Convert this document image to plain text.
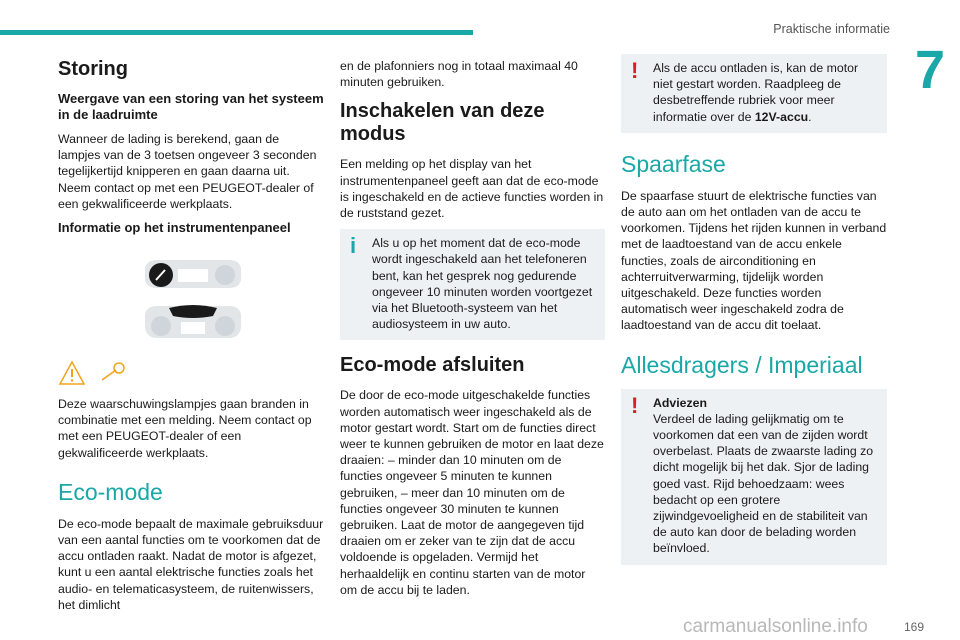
Praktische informatie
7
Storing
Weergave van een storing van het systeem in de laadruimte

Wanneer de lading is berekend, gaan de lampjes van de 3 toetsen ongeveer 3 seconden tegelijkertijd knipperen en gaan daarna uit. Neem contact op met een PEUGEOT-dealer of een gekwalificeerde werkplaats.

Informatie op het instrumentenpaneel

Deze waarschuwingslampjes gaan branden in combinatie met een melding. Neem contact op met een PEUGEOT-dealer of een gekwalificeerde werkplaats.

Eco-mode

De eco-mode bepaalt de maximale gebruiksduur van een aantal functies om te voorkomen dat de accu ontladen raakt. Nadat de motor is afgezet, kunt u een aantal elektrische functies zoals het audio- en telematicasysteem, de ruitenwissers, het dimlicht

en de plafonniers nog in totaal maximaal 40 minuten gebruiken.

Inschakelen van deze modus

Een melding op het display van het instrumentenpaneel geeft aan dat de eco-mode is ingeschakeld en de actieve functies worden in de ruststand gezet.

i	Als u op het moment dat de eco-mode wordt ingeschakeld aan het telefoneren bent, kan het gesprek nog gedurende ongeveer 10 minuten worden voortgezet via het Bluetooth-systeem van het audiosysteem in uw auto.

Eco-mode afsluiten

De door de eco-mode uitgeschakelde functies worden automatisch weer ingeschakeld als de motor gestart wordt. Start om de functies direct weer te kunnen gebruiken de motor en laat deze draaien: – minder dan 10 minuten om de functies ongeveer 5 minuten te kunnen gebruiken, – meer dan 10 minuten om de functies ongeveer 30 minuten te kunnen gebruiken. Laat de motor de aangegeven tijd draaien om er zeker van te zijn dat de accu voldoende is opgeladen. Vermijd het herhaaldelijk en continu starten van de motor om de accu bij te laden.

!	Als de accu ontladen is, kan de motor niet gestart worden. Raadpleeg de desbetreffende rubriek voor meer informatie over de 12V-accu.

Spaarfase

De spaarfase stuurt de elektrische functies van de auto aan om het ontladen van de accu te voorkomen. Tijdens het rijden kunnen in verband met de laadtoestand van de accu enkele functies, zoals de airconditioning en achterruitverwarming, tijdelijk worden uitgeschakeld. Deze functies worden automatisch weer ingeschakeld zodra de laadtoestand van de accu dit toelaat.

Allesdragers / Imperiaal
!	Adviezen

Verdeel de lading gelijkmatig om te voorkomen dat een van de zijden wordt overbelast. Plaats de zwaarste lading zo dicht mogelijk bij het dak. Sjor de lading goed vast. Rijd behoedzaam: wees bedacht op een grotere zijwindgevoeligheid en de stabiliteit van de auto kan door de belading worden beïnvloed.

169
carmanualsonline.info
